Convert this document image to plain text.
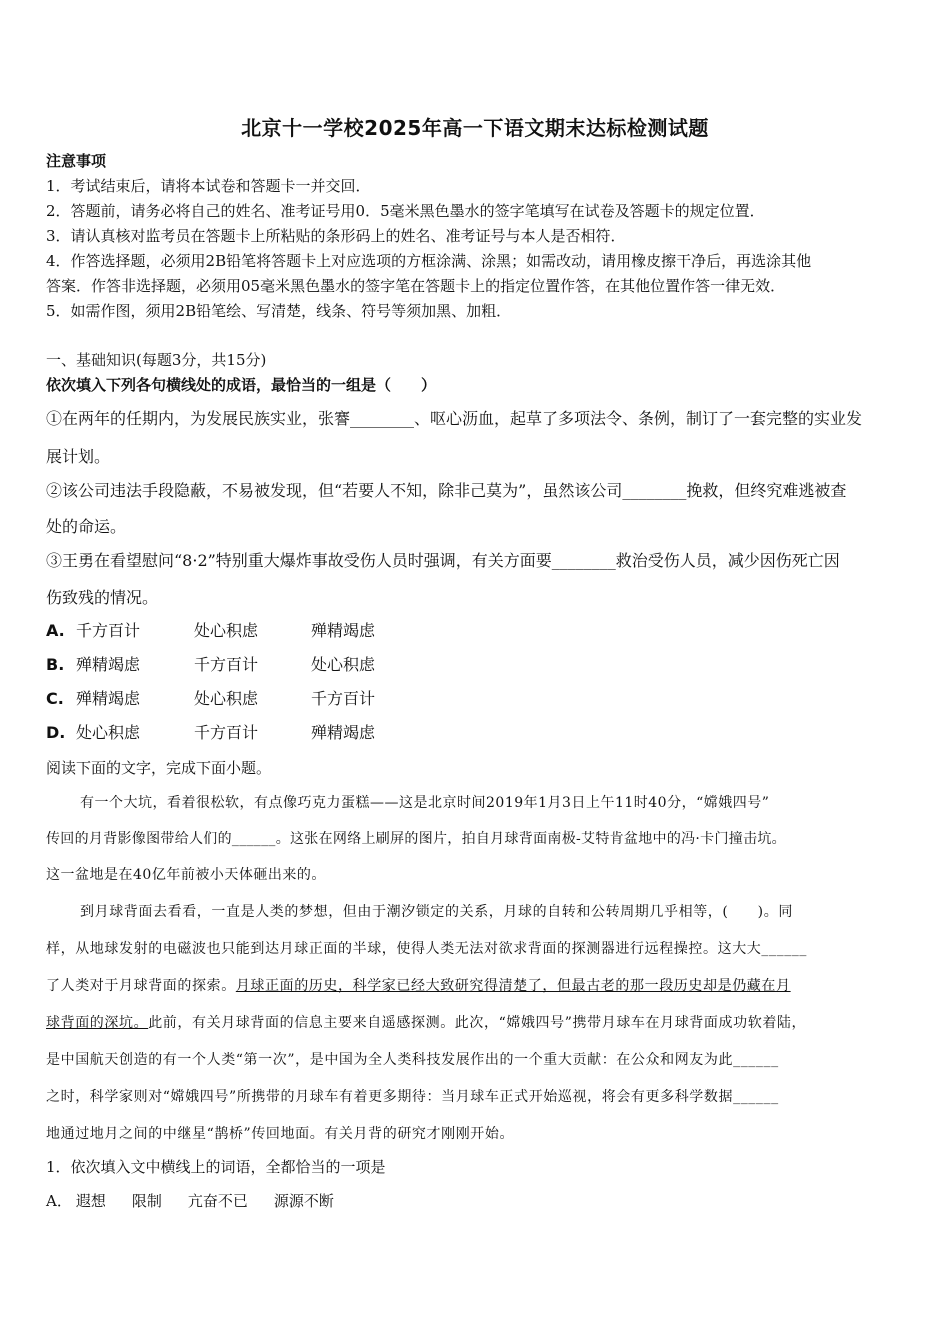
北京十一学校2025年高一下语文期末达标检测试题
注意事项
1．考试结束后，请将本试卷和答题卡一并交回．
2．答题前，请务必将自己的姓名、准考证号用0．5毫米黑色墨水的签字笔填写在试卷及答题卡的规定位置．
3．请认真核对监考员在答题卡上所粘贴的条形码上的姓名、准考证号与本人是否相符．
4．作答选择题，必须用2B铅笔将答题卡上对应选项的方框涂满、涂黑；如需改动，请用橡皮擦干净后，再选涂其他
答案．作答非选择题，必须用05毫米黑色墨水的签字笔在答题卡上的指定位置作答，在其他位置作答一律无效．
5．如需作图，须用2B铅笔绘、写清楚，线条、符号等须加黑、加粗．
一、基础知识(每题3分，共15分)
依次填入下列各句横线处的成语，最恰当的一组是（　　）
①在两年的任期内，为发展民族实业，张謇________、呕心沥血，起草了多项法令、条例，制订了一套完整的实业发
展计划。
②该公司违法手段隐蔽，不易被发现，但“若要人不知，除非己莫为”，虽然该公司________挽救，但终究难逃被查
处的命运。
③王勇在看望慰问“8·2”特别重大爆炸事故受伤人员时强调，有关方面要________救治受伤人员，减少因伤死亡因
伤致残的情况。
A. 千方百计	处心积虑	殚精竭虑
B. 殚精竭虑	千方百计	处心积虑
C. 殚精竭虑	处心积虑	千方百计
D. 处心积虑	千方百计	殚精竭虑
阅读下面的文字，完成下面小题。
有一个大坑，看着很松软，有点像巧克力蛋糕——这是北京时间2019年1月3日上午11时40分，“嫦娥四号”
传回的月背影像图带给人们的______。这张在网络上刷屏的图片，拍自月球背面南极-艾特肯盆地中的冯·卡门撞击坑。
这一盆地是在40亿年前被小天体砸出来的。
到月球背面去看看，一直是人类的梦想，但由于潮汐锁定的关系，月球的自转和公转周期几乎相等，(　　)。同
样，从地球发射的电磁波也只能到达月球正面的半球，使得人类无法对欲求背面的探测器进行远程操控。这大大______
了人类对于月球背面的探索。月球正面的历史，科学家已经大致研究得清楚了，但最古老的那一段历史却是仍藏在月
球背面的深坑。此前，有关月球背面的信息主要来自遥感探测。此次，“嫦娥四号”携带月球车在月球背面成功软着陆，
是中国航天创造的有一个人类“第一次”，是中国为全人类科技发展作出的一个重大贡献：在公众和网友为此______
之时，科学家则对“嫦娥四号”所携带的月球车有着更多期待：当月球车正式开始巡视，将会有更多科学数据______
地通过地月之间的中继星“鹊桥”传回地面。有关月背的研究才刚刚开始。
1．依次填入文中横线上的词语，全都恰当的一项是
A． 遐想 限制 亢奋不已 源源不断
